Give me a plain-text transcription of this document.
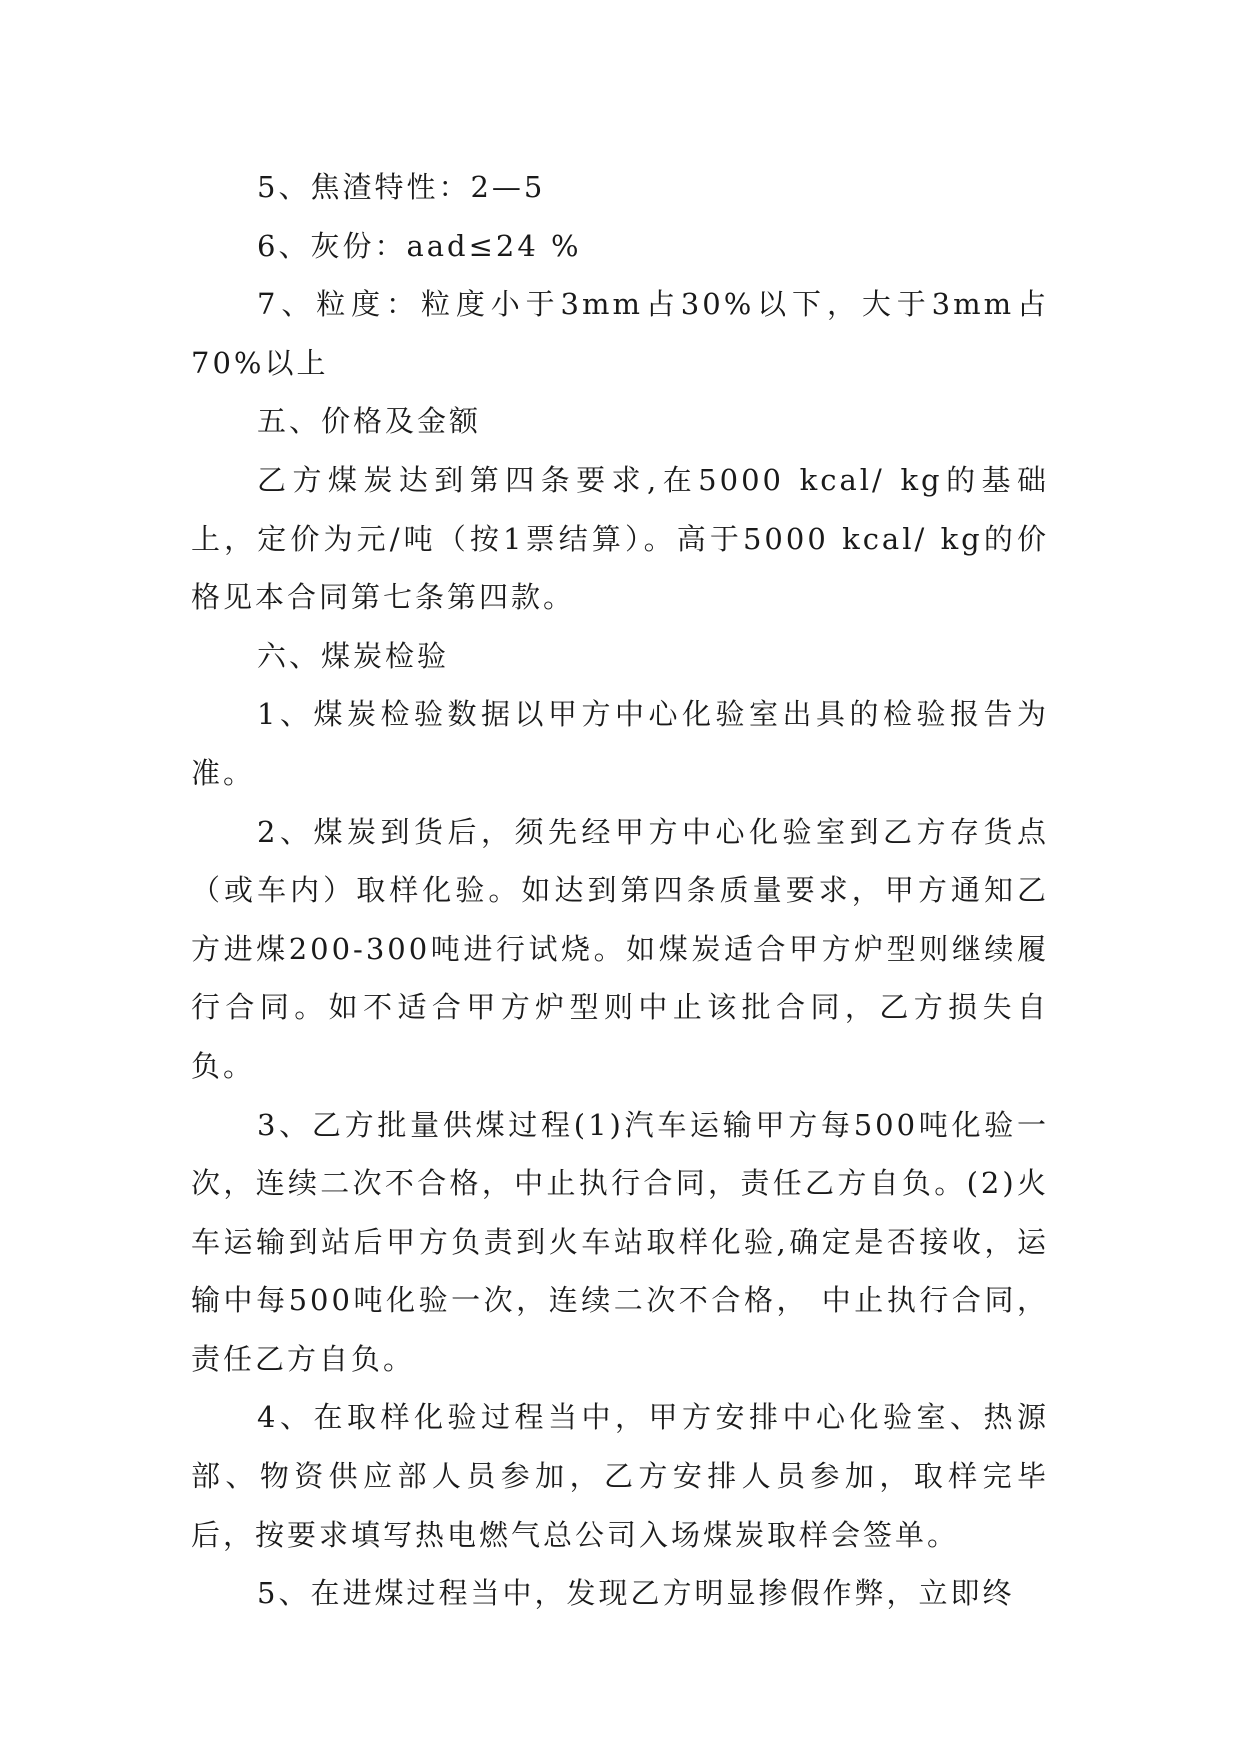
5、焦渣特性：2—5

6、灰份：aad≤24 %

7、粒度：粒度小于3mm占30%以下，大于3mm占70%以上

五、价格及金额

乙方煤炭达到第四条要求,在5000 kcal/ kg的基础上，定价为元/吨（按1票结算）。高于5000 kcal/ kg的价格见本合同第七条第四款。

六、煤炭检验

1、煤炭检验数据以甲方中心化验室出具的检验报告为准。

2、煤炭到货后，须先经甲方中心化验室到乙方存货点（或车内）取样化验。如达到第四条质量要求，甲方通知乙方进煤200-300吨进行试烧。如煤炭适合甲方炉型则继续履行合同。如不适合甲方炉型则中止该批合同，乙方损失自负。

3、乙方批量供煤过程(1)汽车运输甲方每500吨化验一次，连续二次不合格，中止执行合同，责任乙方自负。(2)火车运输到站后甲方负责到火车站取样化验,确定是否接收，运输中每500吨化验一次，连续二次不合格， 中止执行合同，责任乙方自负。

4、在取样化验过程当中，甲方安排中心化验室、热源部、物资供应部人员参加，乙方安排人员参加，取样完毕后，按要求填写热电燃气总公司入场煤炭取样会签单。

5、在进煤过程当中，发现乙方明显掺假作弊，立即终
